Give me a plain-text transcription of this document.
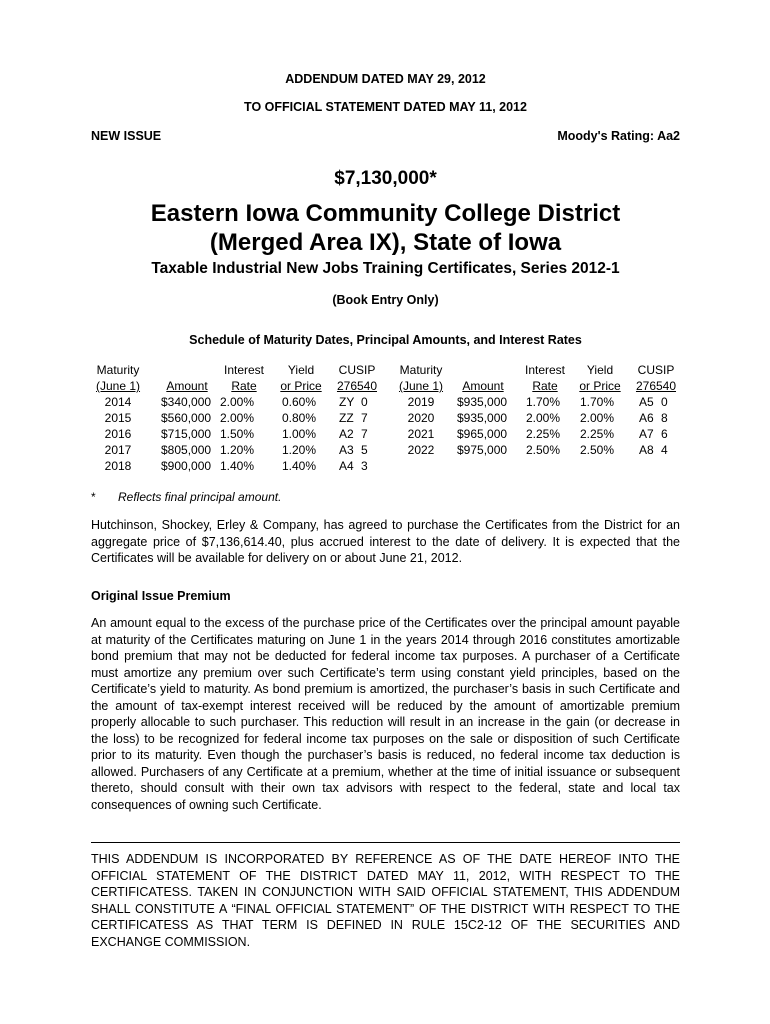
ADDENDUM DATED MAY 29, 2012
TO OFFICIAL STATEMENT DATED MAY 11, 2012
NEW ISSUE	Moody's Rating: Aa2
$7,130,000*
Eastern Iowa Community College District
(Merged Area IX), State of Iowa
Taxable Industrial New Jobs Training Certificates, Series 2012-1
(Book Entry Only)
Schedule of Maturity Dates, Principal Amounts, and Interest Rates
Maturity
(June 1)
2014
2015
2016
2017
2018

Amount
$340,000
$560,000
$715,000
$805,000
$900,000
Interest
Rate
2.00%
2.00%
1.50%
1.20%
1.40%
Yield
or Price
0.60%
0.80%
1.00%
1.20%
1.40%
CUSIP
276540
ZY 0
ZZ 7
A2 7
A3 5
A4 3
Maturity
(June 1)
2019
2020
2021
2022

Amount
$935,000
$935,000
$965,000
$975,000
Interest
Rate
1.70%
2.00%
2.25%
2.50%
Yield
or Price
1.70%
2.00%
2.25%
2.50%
CUSIP
276540
A5 0
A6 8
A7 6
A8 4
* Reflects final principal amount.
Hutchinson, Shockey, Erley & Company, has agreed to purchase the Certificates from the District for an aggregate price of $7,136,614.40, plus accrued interest to the date of delivery. It is expected that the Certificates will be available for delivery on or about June 21, 2012.
Original Issue Premium
An amount equal to the excess of the purchase price of the Certificates over the principal amount payable at maturity of the Certificates maturing on June 1 in the years 2014 through 2016 constitutes amortizable bond premium that may not be deducted for federal income tax purposes. A purchaser of a Certificate must amortize any premium over such Certificate’s term using constant yield principles, based on the Certificate’s yield to maturity. As bond premium is amortized, the purchaser’s basis in such Certificate and the amount of tax-exempt interest received will be reduced by the amount of amortizable premium properly allocable to such purchaser. This reduction will result in an increase in the gain (or decrease in the loss) to be recognized for federal income tax purposes on the sale or disposition of such Certificate prior to its maturity. Even though the purchaser’s basis is reduced, no federal income tax deduction is allowed. Purchasers of any Certificate at a premium, whether at the time of initial issuance or subsequent thereto, should consult with their own tax advisors with respect to the federal, state and local tax consequences of owning such Certificate.
THIS ADDENDUM IS INCORPORATED BY REFERENCE AS OF THE DATE HEREOF INTO THE OFFICIAL STATEMENT OF THE DISTRICT DATED MAY 11, 2012, WITH RESPECT TO THE CERTIFICATESS. TAKEN IN CONJUNCTION WITH SAID OFFICIAL STATEMENT, THIS ADDENDUM SHALL CONSTITUTE A “FINAL OFFICIAL STATEMENT” OF THE DISTRICT WITH RESPECT TO THE CERTIFICATESS AS THAT TERM IS DEFINED IN RULE 15C2-12 OF THE SECURITIES AND EXCHANGE COMMISSION.
